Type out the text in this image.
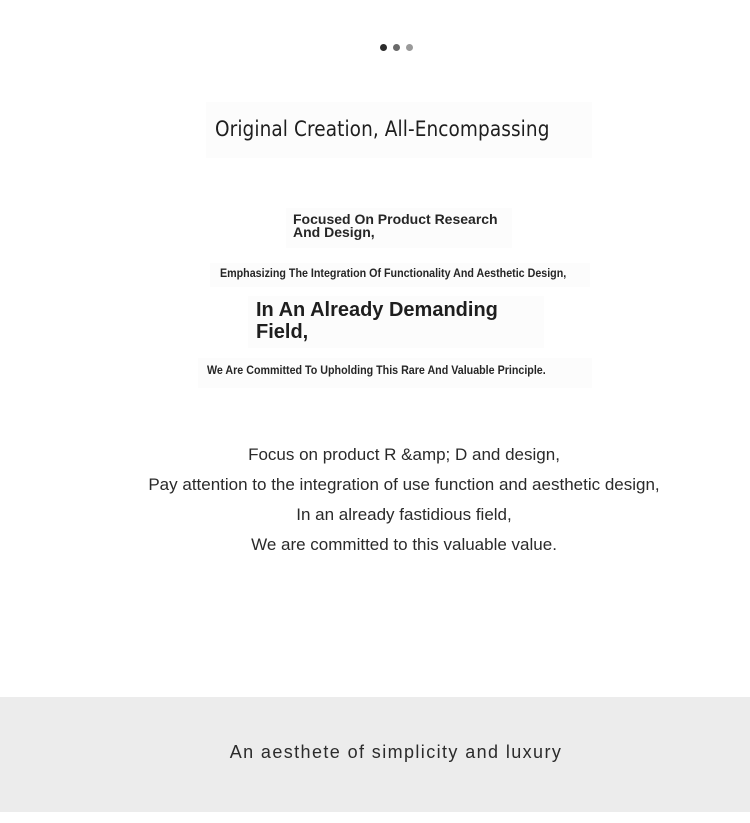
Original Creation, All-Encompassing
Focused On Product Research And Design,
Emphasizing The Integration Of Functionality And Aesthetic Design,
In An Already Demanding Field,
We Are Committed To Upholding This Rare And Valuable Principle.
Focus on product R &amp; D and design,
Pay attention to the integration of use function and aesthetic design,
In an already fastidious field,
We are committed to this valuable value.
An aesthete of simplicity and luxury
